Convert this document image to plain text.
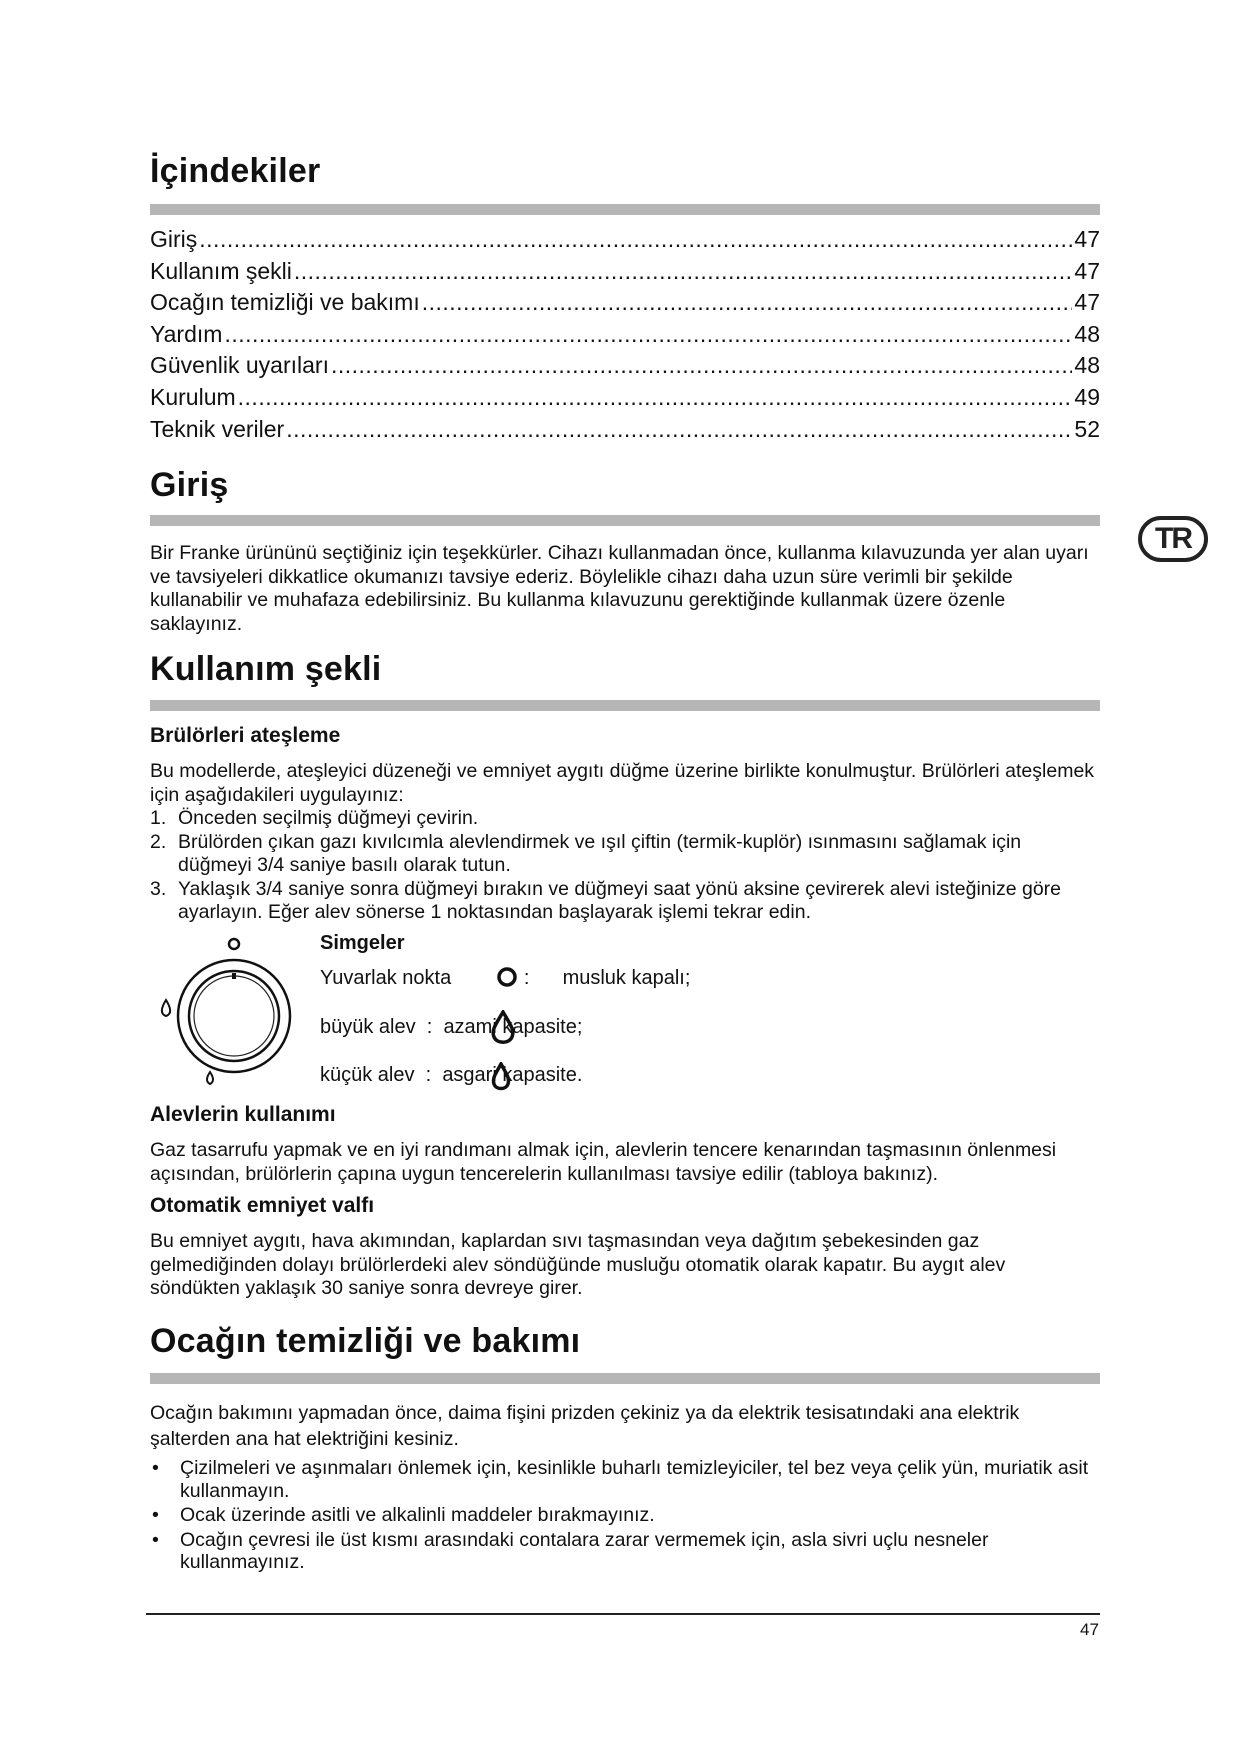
İçindekiler
Giriş .....	47
Kullanım şekli .....	47
Ocağın temizliği ve bakımı .....	47
Yardım .....	48
Güvenlik uyarıları .....	48
Kurulum .....	49
Teknik veriler .....	52
Giriş

Bir Franke ürününü seçtiğiniz için teşekkürler. Cihazı kullanmadan önce, kullanma kılavuzunda yer alan uyarı ve tavsiyeleri dikkatlice okumanızı tavsiye ederiz. Böylelikle cihazı daha uzun süre verimli bir şekilde kullanabilir ve muhafaza edebilirsiniz. Bu kullanma kılavuzunu gerektiğinde kullanmak üzere özenle saklayınız.

Kullanım şekli
Brülörleri ateşleme

Bu modellerde, ateşleyici düzeneği ve emniyet aygıtı düğme üzerine birlikte konulmuştur. Brülörleri ateşlemek için aşağıdakileri uygulayınız:

1. Önceden seçilmiş düğmeyi çevirin.
2. Brülörden çıkan gazı kıvılcımla alevlendirmek ve ışıl çiftin (termik-kuplör) ısınmasını sağlamak için düğmeyi 3/4 saniye basılı olarak tutun.
3. Yaklaşık 3/4 saniye sonra düğmeyi bırakın ve düğmeyi saat yönü aksine çevirerek alevi isteğinize göre ayarlayın. Eğer alev sönerse 1 noktasından başlayarak işlemi tekrar edin.
Simgeler
Yuvarlak nokta	: musluk kapalı;
büyük alev : azami kapasite;
küçük alev : asgari kapasite.
Alevlerin kullanımı

Gaz tasarrufu yapmak ve en iyi randımanı almak için, alevlerin tencere kenarından taşmasının önlenmesi açısından, brülörlerin çapına uygun tencerelerin kullanılması tavsiye edilir (tabloya bakınız).

Otomatik emniyet valfı

Bu emniyet aygıtı, hava akımından, kaplardan sıvı taşmasından veya dağıtım şebekesinden gaz gelmediğinden dolayı brülörlerdeki alev söndüğünde musluğu otomatik olarak kapatır. Bu aygıt alev söndükten yaklaşık 30 saniye sonra devreye girer.

Ocağın temizliği ve bakımı

Ocağın bakımını yapmadan önce, daima fişini prizden çekiniz ya da elektrik tesisatındaki ana elektrik şalterden ana hat elektriğini kesiniz.

•	Çizilmeleri ve aşınmaları önlemek için, kesinlikle buharlı temizleyiciler, tel bez veya çelik yün, muriatik asit kullanmayın.
•	Ocak üzerinde asitli ve alkalinli maddeler bırakmayınız.
•	Ocağın çevresi ile üst kısmı arasındaki contalara zarar vermemek için, asla sivri uçlu nesneler kullanmayınız.
TR
47
